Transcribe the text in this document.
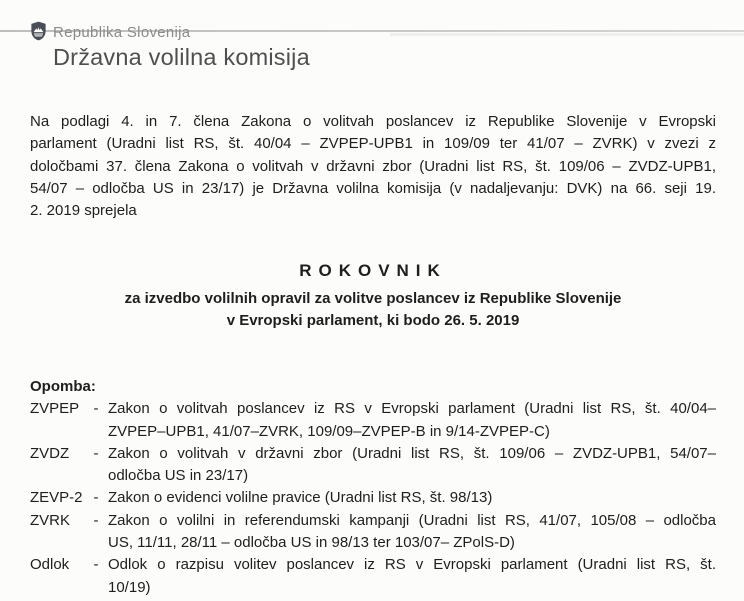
Republika Slovenija
Državna volilna komisija
Na podlagi 4. in 7. člena Zakona o volitvah poslancev iz Republike Slovenije v Evropski
parlament (Uradni list RS, št. 40/04 – ZVPEP-UPB1 in 109/09 ter 41/07 – ZVRK) v zvezi z
določbami 37. člena Zakona o volitvah v državni zbor (Uradni list RS, št. 109/06 – ZVDZ-UPB1,
54/07 – odločba US in 23/17) je Državna volilna komisija (v nadaljevanju: DVK) na 66. seji 19.
2. 2019 sprejela
ROKOVNIK
za izvedbo volilnih opravil za volitve poslancev iz Republike Slovenije
v Evropski parlament, ki bodo 26. 5. 2019
Opomba:
ZVPEP - Zakon o volitvah poslancev iz RS v Evropski parlament (Uradni list RS, št. 40/04–
ZVPEP–UPB1, 41/07–ZVRK, 109/09–ZVPEP-B in 9/14-ZVPEP-C)
ZVDZ	- Zakon o volitvah v državni zbor (Uradni list RS, št. 109/06 – ZVDZ-UPB1, 54/07–
odločba US in 23/17)
ZEVP-2 - Zakon o evidenci volilne pravice (Uradni list RS, št. 98/13)
ZVRK	- Zakon o volilni in referendumski kampanji (Uradni list RS, 41/07, 105/08 – odločba
US, 11/11, 28/11 – odločba US in 98/13 ter 103/07– ZPolS-D)
Odlok	- Odlok o razpisu volitev poslancev iz RS v Evropski parlament (Uradni list RS, št.
10/19)
